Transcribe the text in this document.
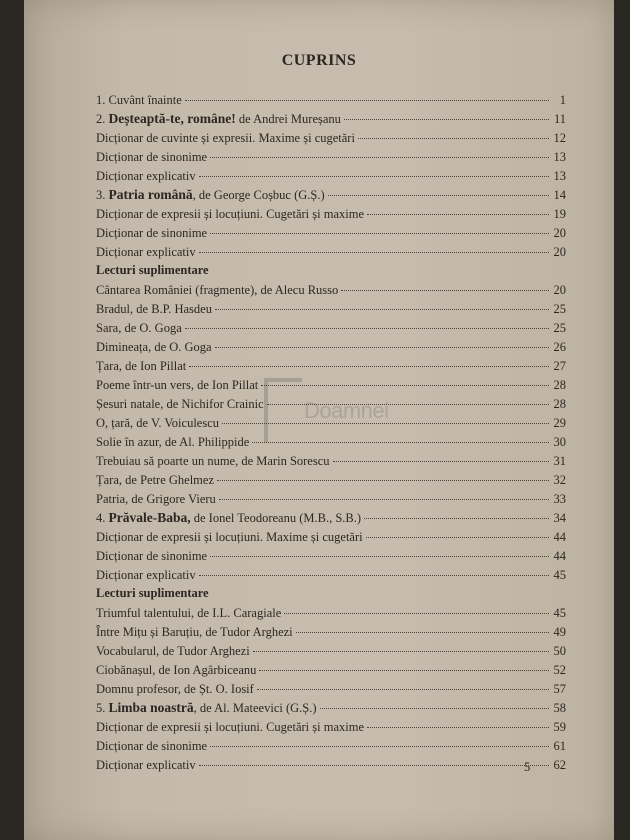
CUPRINS
1. Cuvânt înainte	1
2. Deșteaptă-te, române! de Andrei Mureșanu	11
Dicționar de cuvinte și expresii. Maxime și cugetări	12
Dicționar de sinonime	13
Dicționar explicativ	13
3. Patria română, de George Coșbuc (G.Ș.)	14
Dicționar de expresii și locuțiuni. Cugetări și maxime	19
Dicționar de sinonime	20
Dicționar explicativ	20
Lecturi suplimentare
Cântarea României (fragmente), de Alecu Russo	20
Bradul, de B.P. Hasdeu	25
Sara, de O. Goga	25
Dimineața, de O. Goga	26
Țara, de Ion Pillat	27
Poeme într-un vers, de Ion Pillat	28
Șesuri natale, de Nichifor Crainic	28
O, țară, de V. Voiculescu	29
Solie în azur, de Al. Philippide	30
Trebuiau să poarte un nume, de Marin Sorescu	31
Țara, de Petre Ghelmez	32
Patria, de Grigore Vieru	33
4. Prăvale-Baba, de Ionel Teodoreanu (M.B., S.B.)	34
Dicționar de expresii și locuțiuni. Maxime și cugetări	44
Dicționar de sinonime	44
Dicționar explicativ	45
Lecturi suplimentare
Triumful talentului, de I.L. Caragiale	45
Între Mițu și Baruțiu, de Tudor Arghezi	49
Vocabularul, de Tudor Arghezi	50
Ciobănașul, de Ion Agârbiceanu	52
Domnu profesor, de Șt. O. Iosif	57
5. Limba noastră, de Al. Mateevici (G.Ș.)	58
Dicționar de expresii și locuțiuni. Cugetări și maxime	59
Dicționar de sinonime	61
Dicționar explicativ	62
Doamnei
5
